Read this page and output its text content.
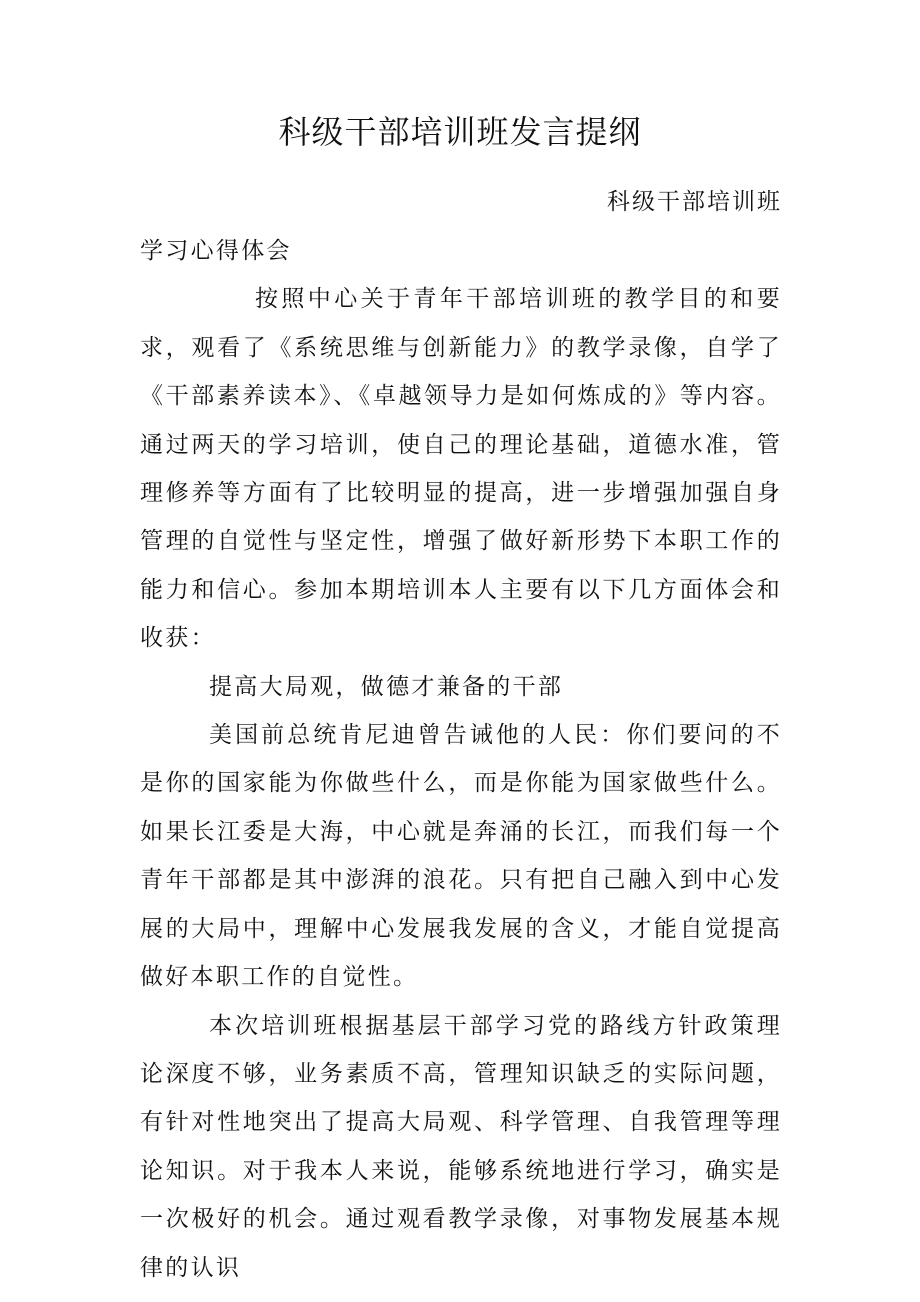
科级干部培训班发言提纲
科级干部培训班

学习心得体会

按照中心关于青年干部培训班的教学目的和要求，观看了《系统思维与创新能力》的教学录像，自学了《干部素养读本》、《卓越领导力是如何炼成的》等内容。通过两天的学习培训，使自己的理论基础，道德水准，管理修养等方面有了比较明显的提高，进一步增强加强自身管理的自觉性与坚定性，增强了做好新形势下本职工作的能力和信心。参加本期培训本人主要有以下几方面体会和收获：

提高大局观，做德才兼备的干部

美国前总统肯尼迪曾告诫他的人民：你们要问的不是你的国家能为你做些什么，而是你能为国家做些什么。如果长江委是大海，中心就是奔涌的长江，而我们每一个青年干部都是其中澎湃的浪花。只有把自己融入到中心发展的大局中，理解中心发展我发展的含义，才能自觉提高做好本职工作的自觉性。

本次培训班根据基层干部学习党的路线方针政策理论深度不够，业务素质不高，管理知识缺乏的实际问题，有针对性地突出了提高大局观、科学管理、自我管理等理论知识。对于我本人来说，能够系统地进行学习，确实是一次极好的机会。通过观看教学录像，对事物发展基本规律的认识
